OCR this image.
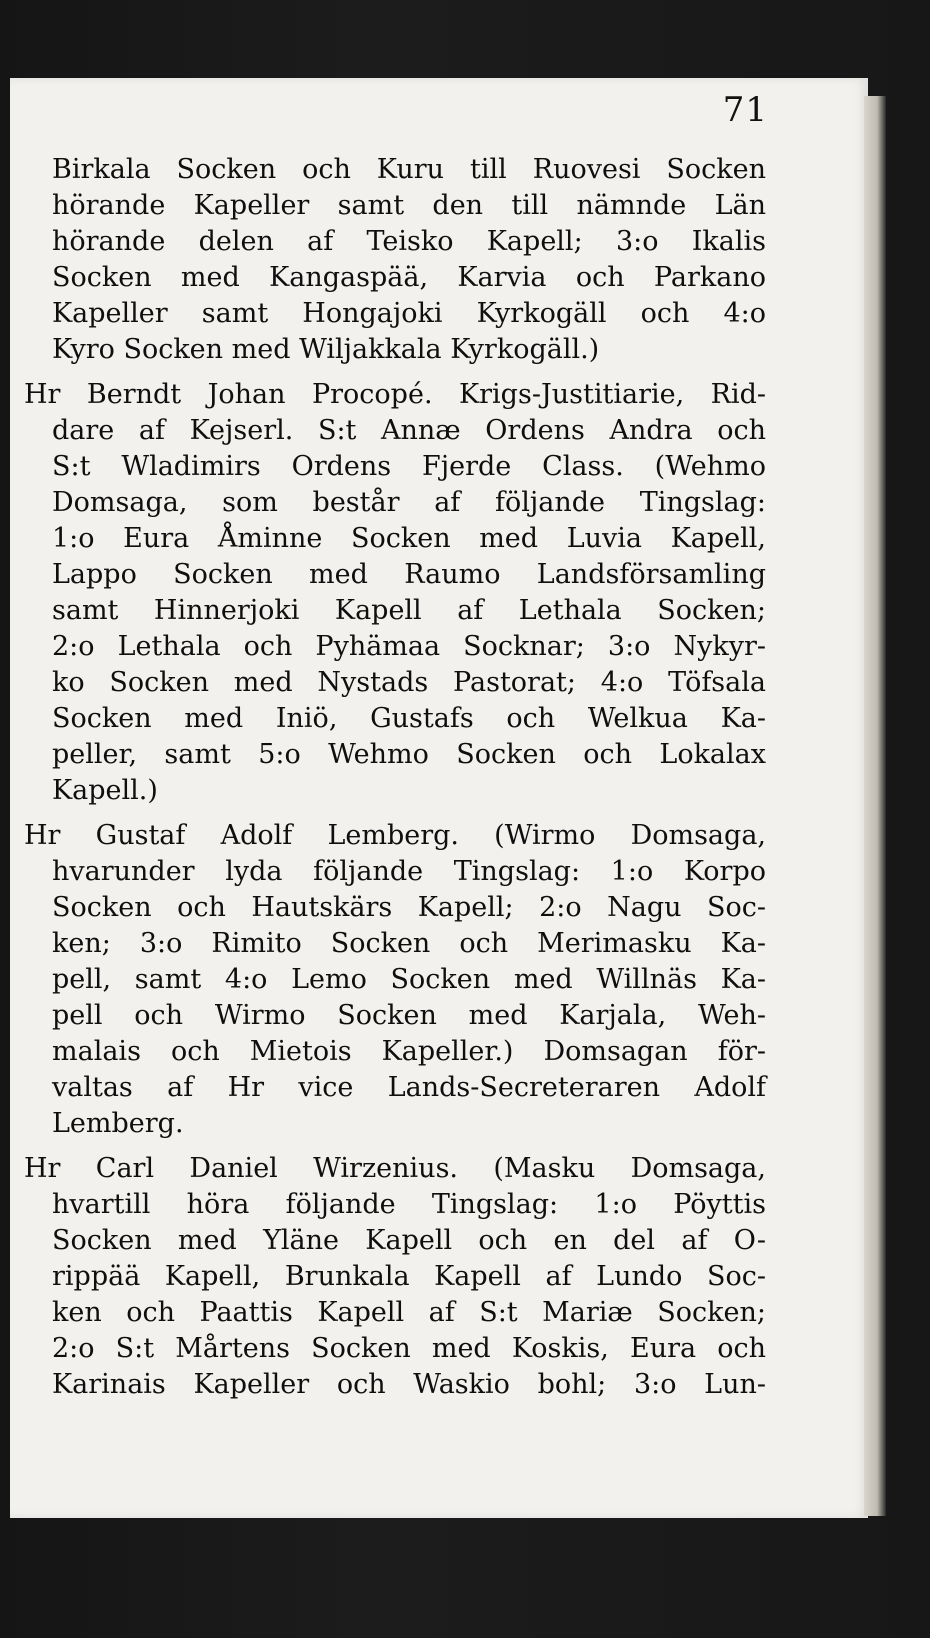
71
Birkala Socken och Kuru till Ruovesi Socken
hörande Kapeller samt den till nämnde Län
hörande delen af Teisko Kapell; 3:o Ikalis
Socken med Kangaspää, Karvia och Parkano
Kapeller samt Hongajoki Kyrkogäll och 4:o
Kyro Socken med Wiljakkala Kyrkogäll.)
Hr Berndt Johan Procopé. Krigs-Justitiarie, Rid-
dare af Kejserl. S:t Annæ Ordens Andra och
S:t Wladimirs Ordens Fjerde Class. (Wehmo
Domsaga, som består af följande Tingslag:
1:o Eura Åminne Socken med Luvia Kapell,
Lappo Socken med Raumo Landsförsamling
samt Hinnerjoki Kapell af Lethala Socken;
2:o Lethala och Pyhämaa Socknar; 3:o Nykyr-
ko Socken med Nystads Pastorat; 4:o Töfsala
Socken med Iniö, Gustafs och Welkua Ka-
peller, samt 5:o Wehmo Socken och Lokalax
Kapell.)
Hr Gustaf Adolf Lemberg. (Wirmo Domsaga,
hvarunder lyda följande Tingslag: 1:o Korpo
Socken och Hautskärs Kapell; 2:o Nagu Soc-
ken; 3:o Rimito Socken och Merimasku Ka-
pell, samt 4:o Lemo Socken med Willnäs Ka-
pell och Wirmo Socken med Karjala, Weh-
malais och Mietois Kapeller.) Domsagan för-
valtas af Hr vice Lands-Secreteraren Adolf
Lemberg.
Hr Carl Daniel Wirzenius. (Masku Domsaga,
hvartill höra följande Tingslag: 1:o Pöyttis
Socken med Yläne Kapell och en del af O-
rippää Kapell, Brunkala Kapell af Lundo Soc-
ken och Paattis Kapell af S:t Mariæ Socken;
2:o S:t Mårtens Socken med Koskis, Eura och
Karinais Kapeller och Waskio bohl; 3:o Lun-
